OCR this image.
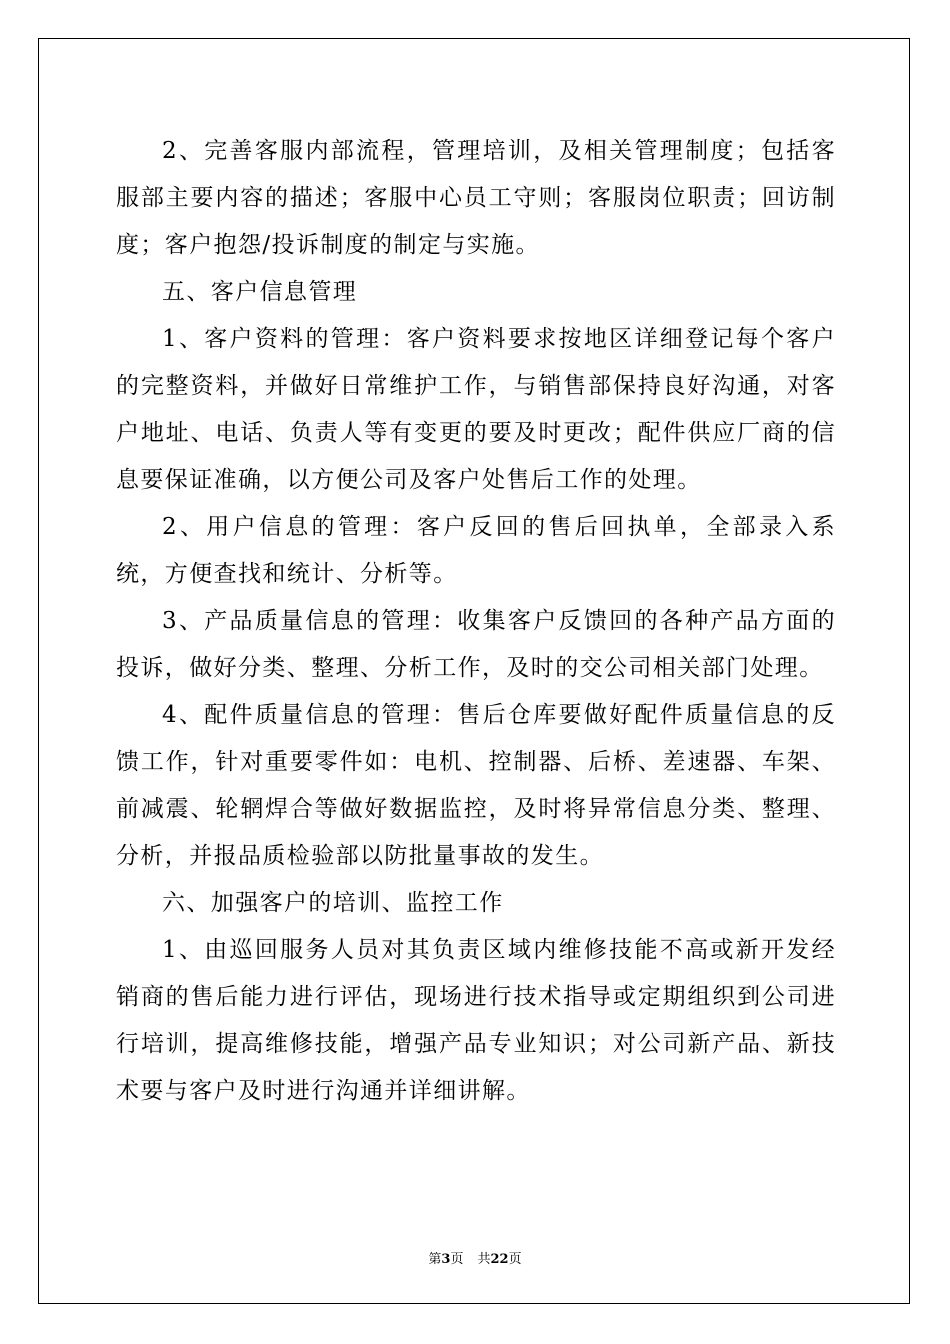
2、完善客服内部流程，管理培训，及相关管理制度；包括客服部主要内容的描述；客服中心员工守则；客服岗位职责；回访制度；客户抱怨/投诉制度的制定与实施。

五、客户信息管理

1、客户资料的管理：客户资料要求按地区详细登记每个客户的完整资料，并做好日常维护工作，与销售部保持良好沟通，对客户地址、电话、负责人等有变更的要及时更改；配件供应厂商的信息要保证准确，以方便公司及客户处售后工作的处理。

2、用户信息的管理：客户反回的售后回执单，全部录入系统，方便查找和统计、分析等。

3、产品质量信息的管理：收集客户反馈回的各种产品方面的投诉，做好分类、整理、分析工作，及时的交公司相关部门处理。

4、配件质量信息的管理：售后仓库要做好配件质量信息的反馈工作，针对重要零件如：电机、控制器、后桥、差速器、车架、前减震、轮辋焊合等做好数据监控，及时将异常信息分类、整理、分析，并报品质检验部以防批量事故的发生。

六、加强客户的培训、监控工作

1、由巡回服务人员对其负责区域内维修技能不高或新开发经销商的售后能力进行评估，现场进行技术指导或定期组织到公司进行培训，提高维修技能，增强产品专业知识；对公司新产品、新技术要与客户及时进行沟通并详细讲解。

第3页 共22页
